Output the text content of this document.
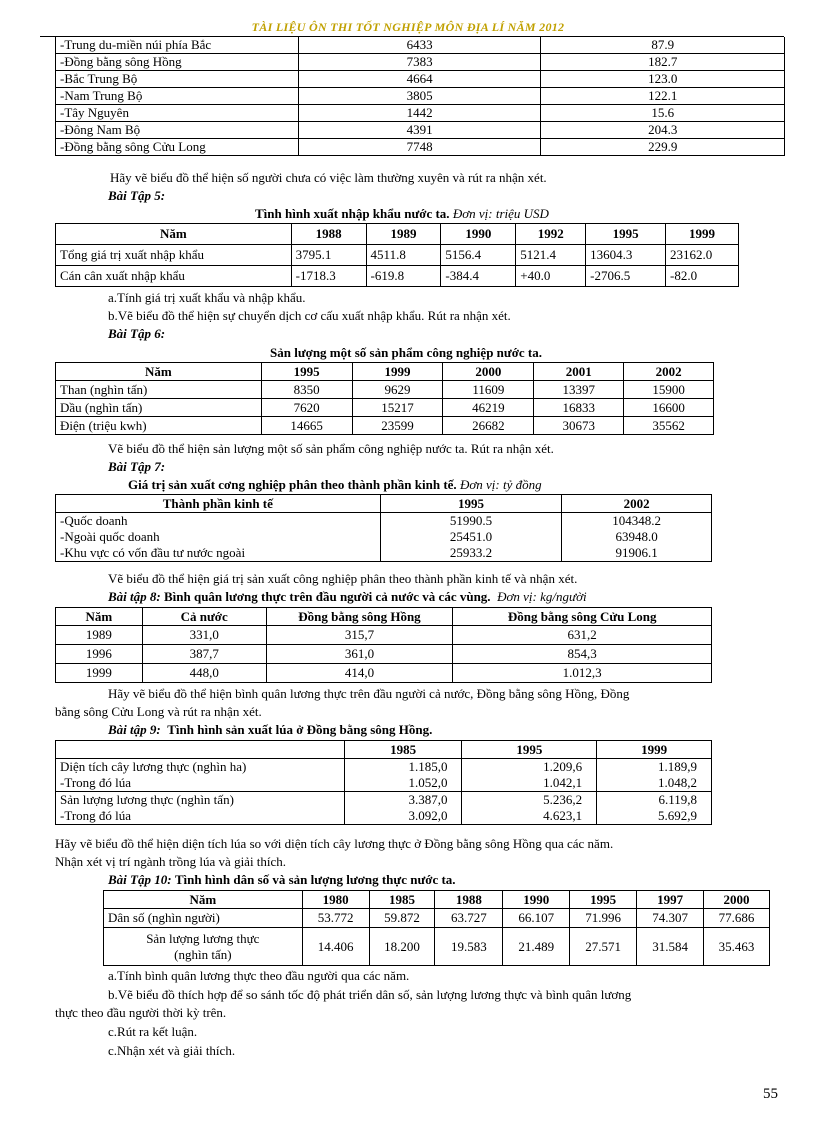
TÀI LIỆU ÔN THI TỐT NGHIỆP MÔN ĐỊA LÍ NĂM 2012
-Trung du-miền núi phía Bắc	6433	87.9
-Đồng bằng sông Hồng	7383	182.7
-Bắc Trung Bộ	4664	123.0
-Nam Trung Bộ	3805	122.1
-Tây Nguyên	1442	15.6
-Đông Nam Bộ	4391	204.3
-Đồng bằng sông Cửu Long	7748	229.9
Hãy vẽ biểu đồ thể hiện số người chưa có việc làm thường xuyên và rút ra nhận xét.
Bài Tập 5:
Tình hình xuất nhập khẩu nước ta. Đơn vị: triệu USD
Năm	1988	1989	1990	1992	1995	1999
Tổng giá trị xuất nhập khẩu	3795.1	4511.8	5156.4	5121.4	13604.3	23162.0
Cán cân xuất nhập khẩu	-1718.3	-619.8	-384.4	+40.0	-2706.5	-82.0
a.Tính giá trị xuất khẩu và nhập khẩu.
b.Vẽ biểu đồ thể hiện sự chuyển dịch cơ cấu xuất nhập khẩu. Rút ra nhận xét.
Bài Tập 6:
Sản lượng một số sản phẩm công nghiệp nước ta.
Năm	1995	1999	2000	2001	2002
Than (nghìn tấn)	8350	9629	11609	13397	15900
Dầu (nghìn tấn)	7620	15217	46219	16833	16600
Điện (triệu kwh)	14665	23599	26682	30673	35562
Vẽ biểu đồ thể hiện sản lượng một số sản phẩm công nghiệp nước ta. Rút ra nhận xét.
Bài Tập 7:
Giá trị sản xuất cơng nghiệp phân theo thành phần kinh tế. Đơn vị: tỷ đồng
Thành phần kinh tế	1995	2002
-Quốc doanh	51990.5	104348.2
-Ngoài quốc doanh	25451.0	63948.0
-Khu vực có vốn đầu tư nước ngoài	25933.2	91906.1
Vẽ biểu đồ thể hiện giá trị sản xuất công nghiệp phân theo thành phần kinh tế và nhận xét.
Bài tập 8: Bình quân lương thực trên đầu người cả nước và các vùng. Đơn vị: kg/người
Năm	Cả nước	Đồng bằng sông Hồng	Đồng bằng sông Cửu Long
1989	331,0	315,7	631,2
1996	387,7	361,0	854,3
1999	448,0	414,0	1.012,3
Hãy vẽ biểu đồ thể hiện bình quân lương thực trên đầu người cả nước, Đồng bằng sông Hồng, Đồng
bằng sông Cửu Long và rút ra nhận xét.
Bài tập 9: Tình hình sản xuất lúa ở Đồng bằng sông Hồng.
	1985	1995	1999
Diện tích cây lương thực (nghìn ha)	1.185,0	1.209,6	1.189,9
-Trong đó lúa	1.052,0	1.042,1	1.048,2
Sản lượng lương thực (nghìn tấn)	3.387,0	5.236,2	6.119,8
-Trong đó lúa	3.092,0	4.623,1	5.692,9
Hãy vẽ biểu đồ thể hiện diện tích lúa so với diện tích cây lương thực ở Đồng bằng sông Hồng qua các năm.
Nhận xét vị trí ngành trồng lúa và giải thích.
Bài Tập 10: Tình hình dân số và sản lượng lương thực nước ta.
Năm	1980	1985	1988	1990	1995	1997	2000
Dân số (nghìn người)	53.772	59.872	63.727	66.107	71.996	74.307	77.686

Sản lượng lương thực
(nghìn tấn)	14.406	18.200	19.583	21.489	27.571	31.584	35.463
a.Tính bình quân lương thực theo đầu người qua các năm.
b.Vẽ biểu đồ thích hợp để so sánh tốc độ phát triển dân số, sản lượng lương thực và bình quân lương
thực theo đầu người thời kỳ trên.
c.Rút ra kết luận.
c.Nhận xét và giải thích.
55
